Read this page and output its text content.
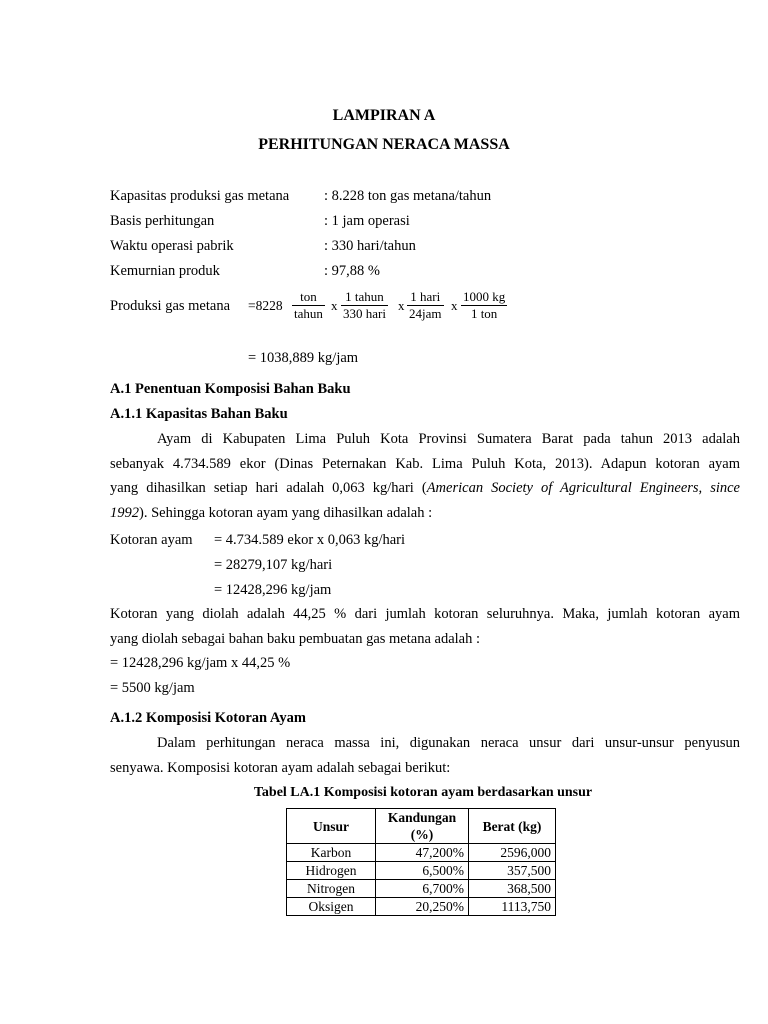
LAMPIRAN A
PERHITUNGAN NERACA MASSA
Kapasitas produksi gas metana : 8.228 ton gas metana/tahun
Basis perhitungan	: 1 jam operasi
Waktu operasi pabrik	: 330 hari/tahun
Kemurnian produk	: 97,88 %
Produksi gas metana =8228
ton
tahun
x
1 tahun
330 hari
x
1 hari
24jam
x
1000 kg
1 ton
= 1038,889 kg/jam
A.1 Penentuan Komposisi Bahan Baku
A.1.1 Kapasitas Bahan Baku
Ayam di Kabupaten Lima Puluh Kota Provinsi Sumatera Barat pada tahun 2013 adalah
sebanyak 4.734.589 ekor (Dinas Peternakan Kab. Lima Puluh Kota, 2013). Adapun kotoran ayam
yang dihasilkan setiap hari adalah 0,063 kg/hari (American Society of Agricultural Engineers, since
1992). Sehingga kotoran ayam yang dihasilkan adalah :
Kotoran ayam = 4.734.589 ekor x 0,063 kg/hari
= 28279,107 kg/hari
= 12428,296 kg/jam
Kotoran yang diolah adalah 44,25 % dari jumlah kotoran seluruhnya. Maka, jumlah kotoran ayam
yang diolah sebagai bahan baku pembuatan gas metana adalah :
= 12428,296 kg/jam x 44,25 %
= 5500 kg/jam
A.1.2 Komposisi Kotoran Ayam
Dalam perhitungan neraca massa ini, digunakan neraca unsur dari unsur-unsur penyusun
senyawa. Komposisi kotoran ayam adalah sebagai berikut:
Tabel LA.1 Komposisi kotoran ayam berdasarkan unsur
Unsur	Kandungan (%)	Berat (kg)
Karbon	47,200%	2596,000
Hidrogen	6,500%	357,500
Nitrogen	6,700%	368,500
Oksigen	20,250%	1113,750
